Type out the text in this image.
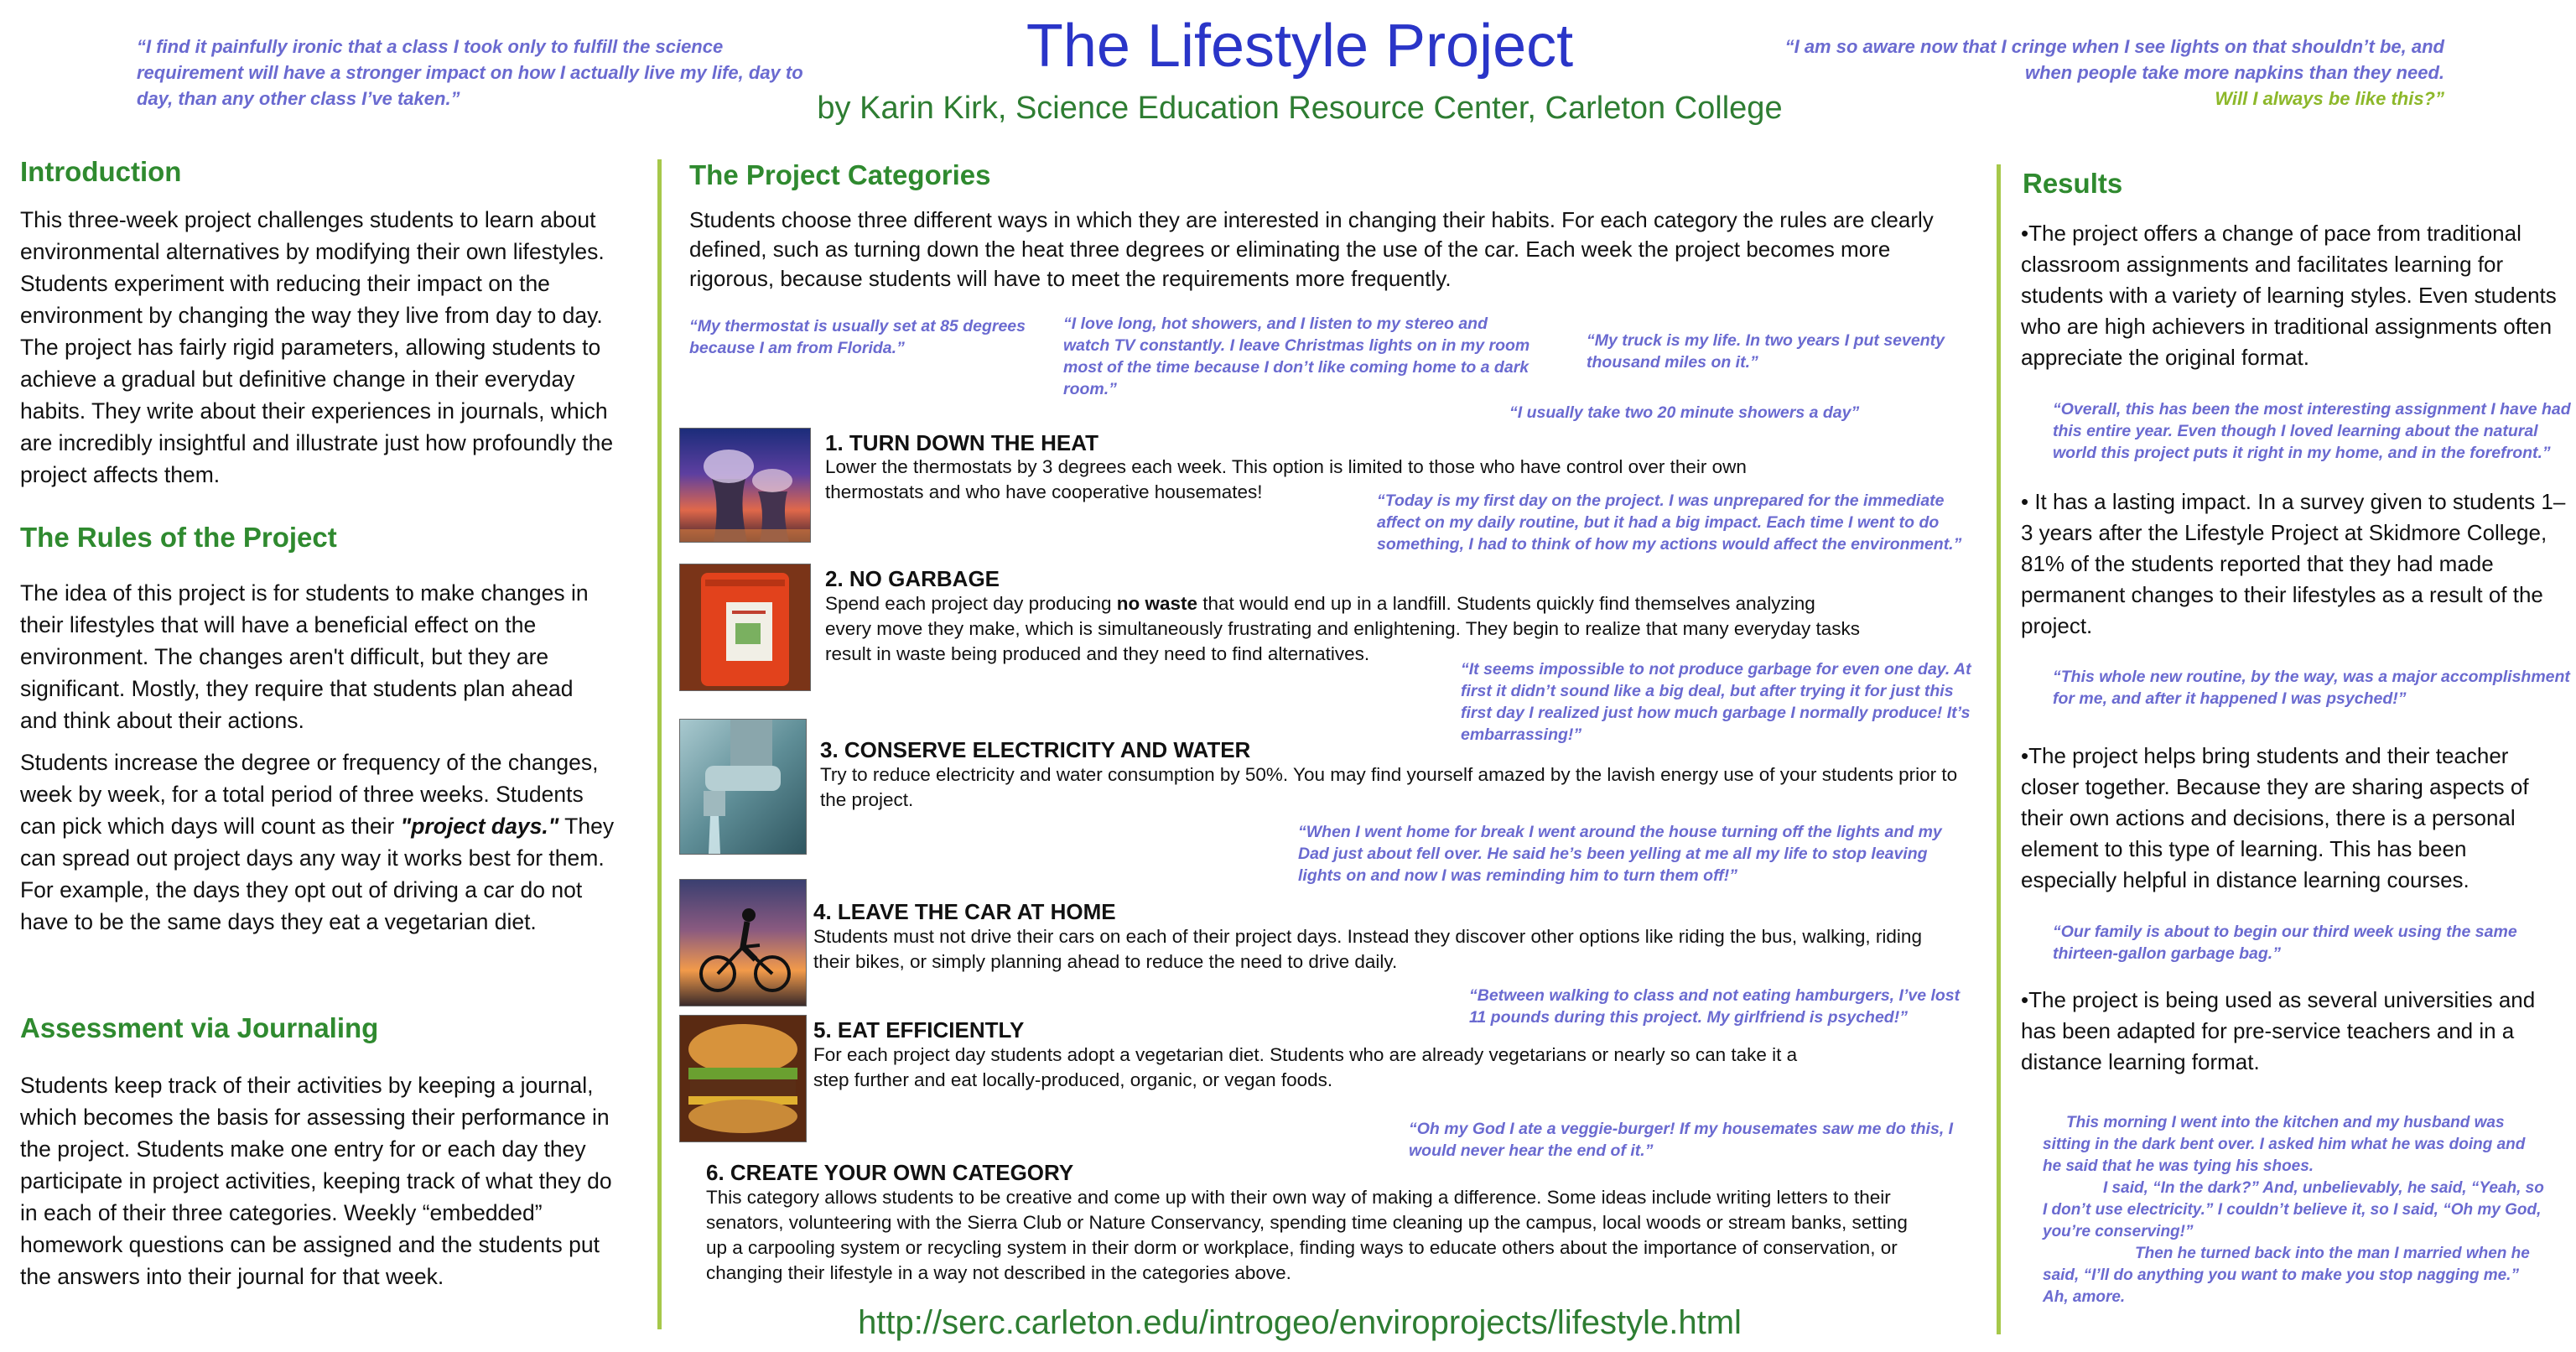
“I find it painfully ironic that a class I took only to fulfill the science requirement will have a stronger impact on how I actually live my life, day to day, than any other class I’ve taken.”
The Lifestyle Project
by Karin Kirk, Science Education Resource Center, Carleton College
“I am so aware now that I cringe when I see lights on that shouldn’t be, and when people take more napkins than they need.
Will I always be like this?”
Introduction
This three-week project challenges students to learn about environmental alternatives by modifying their own lifestyles. Students experiment with reducing their impact on the environment by changing the way they live from day to day. The project has fairly rigid parameters, allowing students to achieve a gradual but definitive change in their everyday habits. They write about their experiences in journals, which are incredibly insightful and illustrate just how profoundly the project affects them.
The Rules of the Project

The idea of this project is for students to make changes in their lifestyles that will have a beneficial effect on the environment. The changes aren't difficult, but they are significant. Mostly, they require that students plan ahead and think about their actions.

Students increase the degree or frequency of the changes, week by week, for a total period of three weeks. Students can pick which days will count as their "project days." They can spread out project days any way it works best for them. For example, the days they opt out of driving a car do not have to be the same days they eat a vegetarian diet.

Assessment via Journaling
Students keep track of their activities by keeping a journal, which becomes the basis for assessing their performance in the project. Students make one entry for or each day they participate in project activities, keeping track of what they do in each of their three categories. Weekly “embedded” homework questions can be assigned and the students put the answers into their journal for that week.
The Project Categories
Students choose three different ways in which they are interested in changing their habits. For each category the rules are clearly defined, such as turning down the heat three degrees or eliminating the use of the car. Each week the project becomes more rigorous, because students will have to meet the requirements more frequently.
“My thermostat is usually set at 85 degrees because I am from Florida.”
“I love long, hot showers, and I listen to my stereo and watch TV constantly. I leave Christmas lights on in my room most of the time because I don’t like coming home to a dark room.”
“My truck is my life. In two years I put seventy thousand miles on it.”
“I usually take two 20 minute showers a day”
1. TURN DOWN THE HEAT
Lower the thermostats by 3 degrees each week. This option is limited to those who have control over their own thermostats and who have cooperative housemates!	“Today is my first day on the project. I was unprepared for the immediate affect on my daily routine, but it had a big impact. Each time I went to do something, I had to think of how my actions would affect the environment.”
2. NO GARBAGE
Spend each project day producing no waste that would end up in a landfill. Students quickly find themselves analyzing every move they make, which is simultaneously frustrating and enlightening. They begin to realize that many everyday tasks result in waste being produced and they need to find alternatives.
“It seems impossible to not produce garbage for even one day. At first it didn’t sound like a big deal, but after trying it for just this first day I realized just how much garbage I normally produce! It’s embarrassing!”
3. CONSERVE ELECTRICITY AND WATER
Try to reduce electricity and water consumption by 50%. You may find yourself amazed by the lavish energy use of your students prior to the project.
“When I went home for break I went around the house turning off the lights and my Dad just about fell over. He said he’s been yelling at me all my life to stop leaving lights on and now I was reminding him to turn them off!”
4. LEAVE THE CAR AT HOME
Students must not drive their cars on each of their project days. Instead they discover other options like riding the bus, walking, riding their bikes, or simply planning ahead to reduce the need to drive daily.
“Between walking to class and not eating hamburgers, I’ve lost 11 pounds during this project. My girlfriend is psyched!”
5. EAT EFFICIENTLY
For each project day students adopt a vegetarian diet. Students who are already vegetarians or nearly so can take it a step further and eat locally-produced, organic, or vegan foods.
“Oh my God I ate a veggie-burger! If my housemates saw me do this, I would never hear the end of it.”
6. CREATE YOUR OWN CATEGORY
This category allows students to be creative and come up with their own way of making a difference. Some ideas include writing letters to their senators, volunteering with the Sierra Club or Nature Conservancy, spending time cleaning up the campus, local woods or stream banks, setting up a carpooling system or recycling system in their dorm or workplace, finding ways to educate others about the importance of conservation, or changing their lifestyle in a way not described in the categories above.
http://serc.carleton.edu/introgeo/enviroprojects/lifestyle.html
Results
•The project offers a change of pace from traditional classroom assignments and facilitates learning for students with a variety of learning styles. Even students who are high achievers in traditional assignments often appreciate the original format.
“Overall, this has been the most interesting assignment I have had this entire year. Even though I loved learning about the natural world this project puts it right in my home, and in the forefront.”
• It has a lasting impact. In a survey given to students 1–3 years after the Lifestyle Project at Skidmore College, 81% of the students reported that they had made permanent changes to their lifestyles as a result of the project.
“This whole new routine, by the way, was a major accomplishment for me, and after it happened I was psyched!”
•The project helps bring students and their teacher closer together. Because they are sharing aspects of their own actions and decisions, there is a personal element to this type of learning. This has been especially helpful in distance learning courses.
“Our family is about to begin our third week using the same thirteen-gallon garbage bag.”
•The project is being used as several universities and has been adapted for pre-service teachers and in a distance learning format.
This morning I went into the kitchen and my husband was sitting in the dark bent over. I asked him what he was doing and he said that he was tying his shoes.
I said, “In the dark?” And, unbelievably, he said, “Yeah, so I don’t use electricity.” I couldn’t believe it, so I said, “Oh my God, you’re conserving!”
Then he turned back into the man I married when he said, “I’ll do anything you want to make you stop nagging me.” Ah, amore.
